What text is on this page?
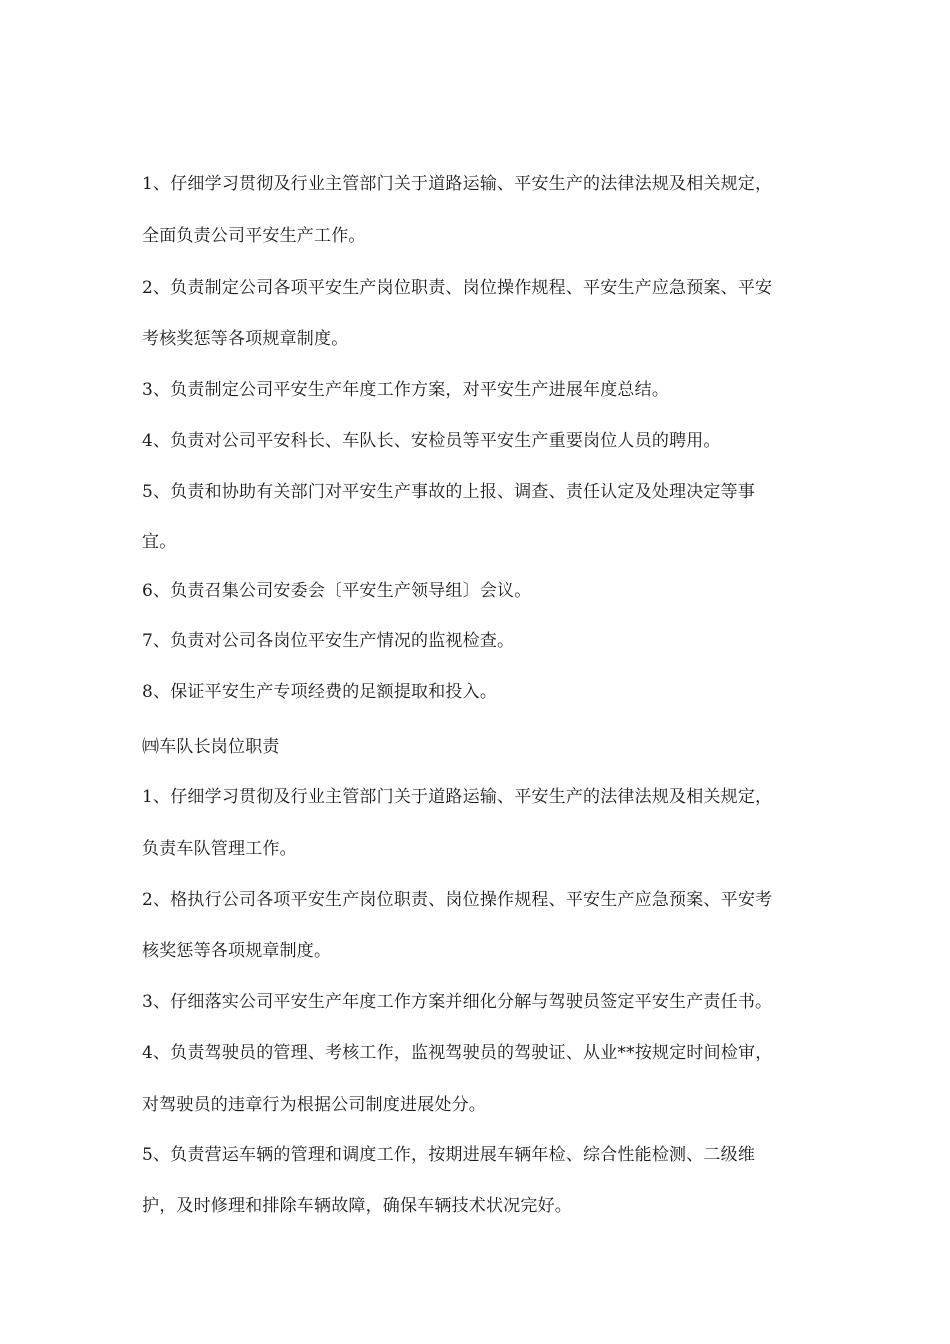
1、仔细学习贯彻及行业主管部门关于道路运输、平安生产的法律法规及相关规定，
全面负责公司平安生产工作。
2、负责制定公司各项平安生产岗位职责、岗位操作规程、平安生产应急预案、平安
考核奖惩等各项规章制度。
3、负责制定公司平安生产年度工作方案，对平安生产进展年度总结。
4、负责对公司平安科长、车队长、安检员等平安生产重要岗位人员的聘用。
5、负责和协助有关部门对平安生产事故的上报、调查、责任认定及处理决定等事
宜。
6、负责召集公司安委会〔平安生产领导组〕会议。
7、负责对公司各岗位平安生产情况的监视检查。
8、保证平安生产专项经费的足额提取和投入。
㈣车队长岗位职责
1、仔细学习贯彻及行业主管部门关于道路运输、平安生产的法律法规及相关规定，
负责车队管理工作。
2、格执行公司各项平安生产岗位职责、岗位操作规程、平安生产应急预案、平安考
核奖惩等各项规章制度。
3、仔细落实公司平安生产年度工作方案并细化分解与驾驶员签定平安生产责任书。
4、负责驾驶员的管理、考核工作，监视驾驶员的驾驶证、从业**按规定时间检审，
对驾驶员的违章行为根据公司制度进展处分。
5、负责营运车辆的管理和调度工作，按期进展车辆年检、综合性能检测、二级维
护，及时修理和排除车辆故障，确保车辆技术状况完好。
